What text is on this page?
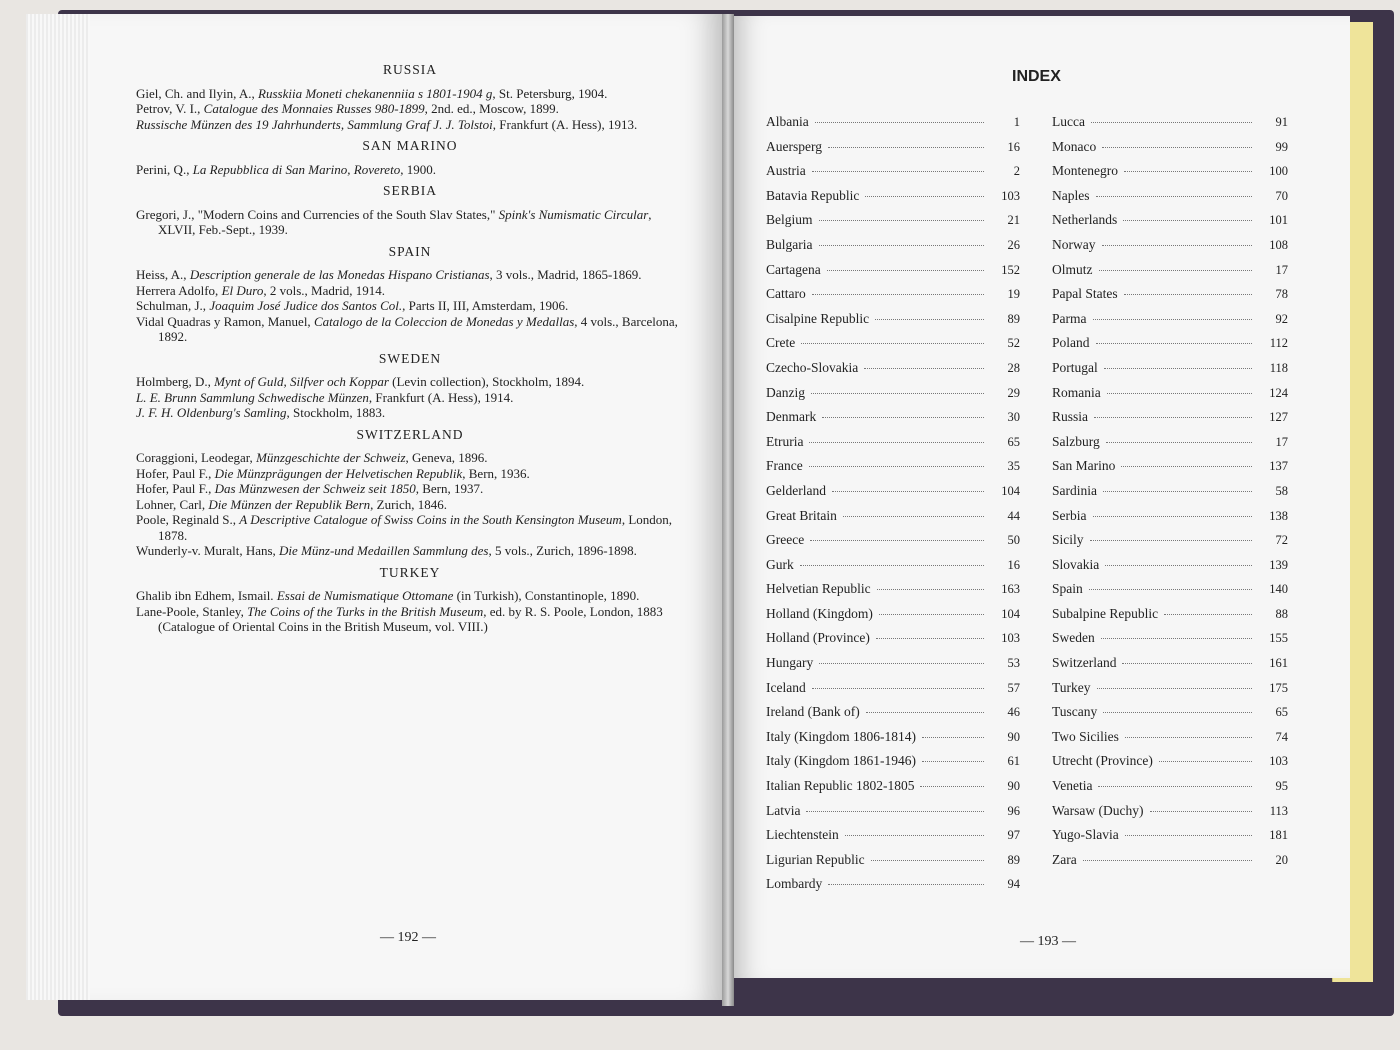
RUSSIA

Giel, Ch. and Ilyin, A., Russkiia Moneti chekanenniia s 1801-1904 g, St. Petersburg, 1904.

Petrov, V. I., Catalogue des Monnaies Russes 980-1899, 2nd. ed., Moscow, 1899.

Russische Münzen des 19 Jahrhunderts, Sammlung Graf J. J. Tolstoi, Frankfurt (A. Hess), 1913.

SAN MARINO

Perini, Q., La Repubblica di San Marino, Rovereto, 1900.

SERBIA

Gregori, J., "Modern Coins and Currencies of the South Slav States," Spink's Numismatic Circular, XLVII, Feb.-Sept., 1939.

SPAIN

Heiss, A., Description generale de las Monedas Hispano Cristianas, 3 vols., Madrid, 1865-1869.

Herrera Adolfo, El Duro, 2 vols., Madrid, 1914.

Schulman, J., Joaquim José Judice dos Santos Col., Parts II, III, Amsterdam, 1906.

Vidal Quadras y Ramon, Manuel, Catalogo de la Coleccion de Monedas y Medallas, 4 vols., Barcelona, 1892.

SWEDEN

Holmberg, D., Mynt of Guld, Silfver och Koppar (Levin collection), Stockholm, 1894.

L. E. Brunn Sammlung Schwedische Münzen, Frankfurt (A. Hess), 1914.

J. F. H. Oldenburg's Samling, Stockholm, 1883.

SWITZERLAND

Coraggioni, Leodegar, Münzgeschichte der Schweiz, Geneva, 1896.

Hofer, Paul F., Die Münzprägungen der Helvetischen Republik, Bern, 1936.

Hofer, Paul F., Das Münzwesen der Schweiz seit 1850, Bern, 1937.

Lohner, Carl, Die Münzen der Republik Bern, Zurich, 1846.

Poole, Reginald S., A Descriptive Catalogue of Swiss Coins in the South Kensington Museum, London, 1878.

Wunderly-v. Muralt, Hans, Die Münz-und Medaillen Sammlung des, 5 vols., Zurich, 1896-1898.

TURKEY

Ghalib ibn Edhem, Ismail. Essai de Numismatique Ottomane (in Turkish), Constantinople, 1890.

Lane-Poole, Stanley, The Coins of the Turks in the British Museum, ed. by R. S. Poole, London, 1883 (Catalogue of Oriental Coins in the British Museum, vol. VIII.)

— 192 —
INDEX
Albania	1
Auersperg	16
Austria	2
Batavia Republic	103
Belgium	21
Bulgaria	26
Cartagena	152
Cattaro	19
Cisalpine Republic	89
Crete	52
Czecho-Slovakia	28
Danzig	29
Denmark	30
Etruria	65
France	35
Gelderland	104
Great Britain	44
Greece	50
Gurk	16
Helvetian Republic	163
Holland (Kingdom)	104
Holland (Province)	103
Hungary	53
Iceland	57
Ireland (Bank of)	46
Italy (Kingdom 1806-1814)	90
Italy (Kingdom 1861-1946)	61
Italian Republic 1802-1805	90
Latvia	96
Liechtenstein	97
Ligurian Republic	89
Lombardy	94
Lucca	91
Monaco	99
Montenegro	100
Naples	70
Netherlands	101
Norway	108
Olmutz	17
Papal States	78
Parma	92
Poland	112
Portugal	118
Romania	124
Russia	127
Salzburg	17
San Marino	137
Sardinia	58
Serbia	138
Sicily	72
Slovakia	139
Spain	140
Subalpine Republic	88
Sweden	155
Switzerland	161
Turkey	175
Tuscany	65
Two Sicilies	74
Utrecht (Province)	103
Venetia	95
Warsaw (Duchy)	113
Yugo-Slavia	181
Zara	20
— 193 —
